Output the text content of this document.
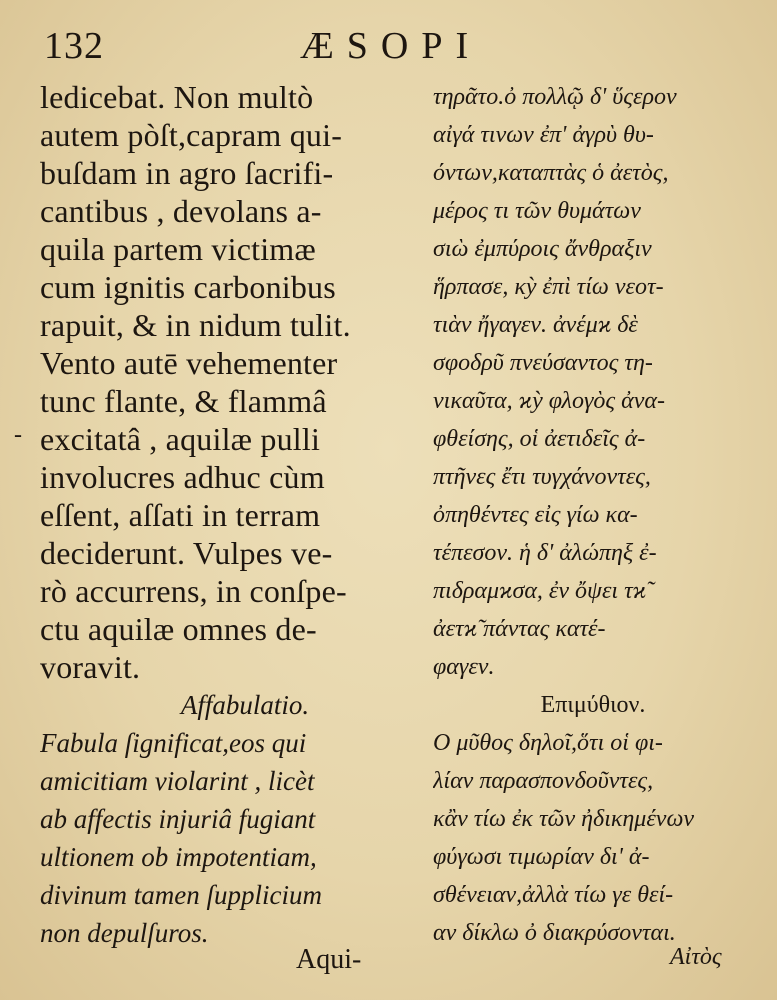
132	ÆSOPI
-
ledicebat. Non multò
autem pòſt,capram qui-
buſdam in agro ſacrifi-
cantibus , devolans a-
quila partem victimæ
cum ignitis carbonibus
rapuit, & in nidum tulit.
Vento autē vehementer
tunc flante, & flammâ
excitatâ , aquilæ pulli
involucres adhuc cùm
eſſent, aſſati in terram
deciderunt. Vulpes ve-
rò accurrens, in conſpe-
ctu aquilæ omnes de-
voravit.
Affabulatio.
Fabula ſignificat,eos qui
amicitiam violarint , licèt
ab affectis injuriâ fugiant
ultionem ob impotentiam,
divinum tamen ſupplicium
non depulſuros.
τηρᾶτο.ὀ πολλῷ δ' ὕςερον
αἰγά τινων ἐπ' ἀγρὺ θυ-
όντων,καταπτὰς ὁ ἀετὸς,
μέρος τι τῶν θυμάτων
σιὼ ἐμπύροις ἄνθραξιν
ἥρπασε, κỳ ἐπὶ τίω νεοτ-
τιὰν ἤγαγεν. ἀνέμϰ δὲ
σφοδρῦ πνεύσαντος τη-
νικαῦτα, ϰỳ φλογὸς ἀνα-
φθείσης, οἱ ἀετιδεῖς ἀ-
πτῆνες ἔτι τυγχάνοντες,
ὀπηθέντες εἰς γίω κα-
τέπεσον. ἡ δ' ἀλώπηξ ἐ-
πιδραμϰσα, ἐν ὄψει τϰ̃
ἀετϰ̃ πάντας κατέ-
φαγεν.
Επιμύθιον.
Ο μῦθος δηλοῖ,ὅτι οἱ φι-
λίαν παρασπονδοῦντες,
κἂν τίω ἐκ τῶν ἠδικημένων
φύγωσι τιμωρίαν δι' ἀ-
σθένειαν,ἀλλὰ τίω γε θεί-
αν δίκλω ὀ διακρύσονται.
Aqui-	Αἰτὸς
